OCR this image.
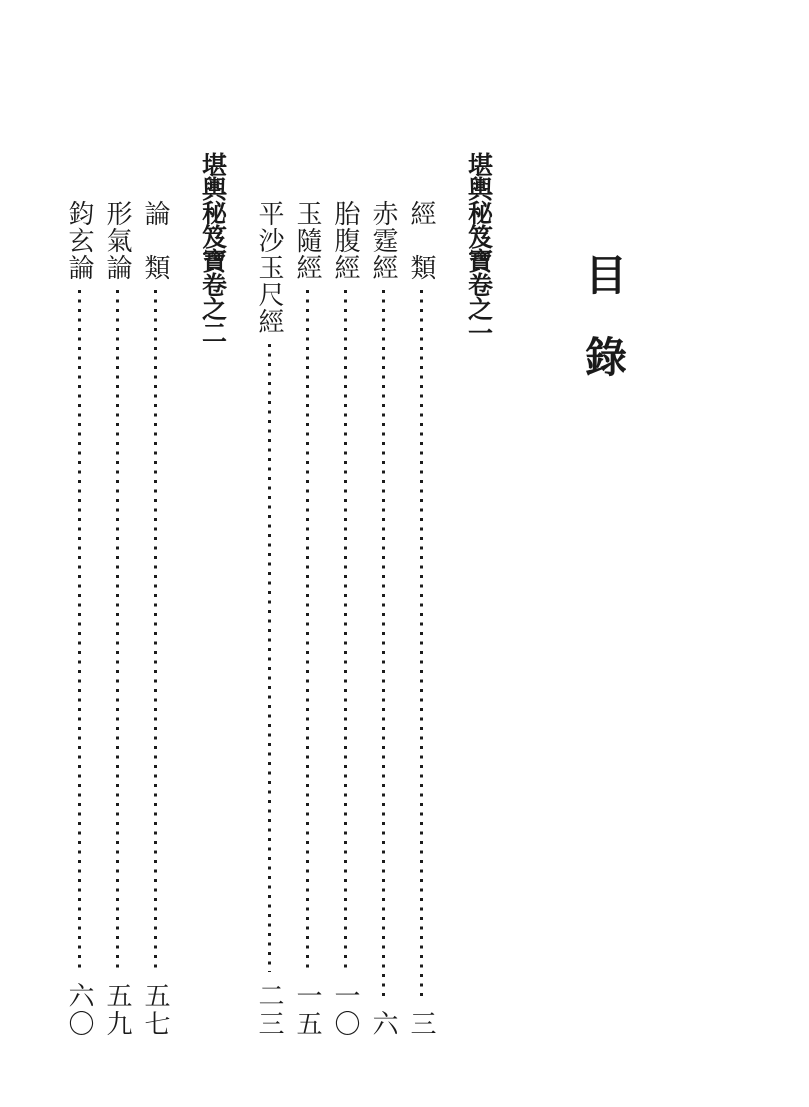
目錄
堪輿秘笈寶卷之一
經　類
三
赤霆經
六
胎腹經
一〇
玉隨經
一五
平沙玉尺經
二三
堪輿秘笈寶卷之二
論　類
五七
形氣論
五九
鈞玄論
六〇
